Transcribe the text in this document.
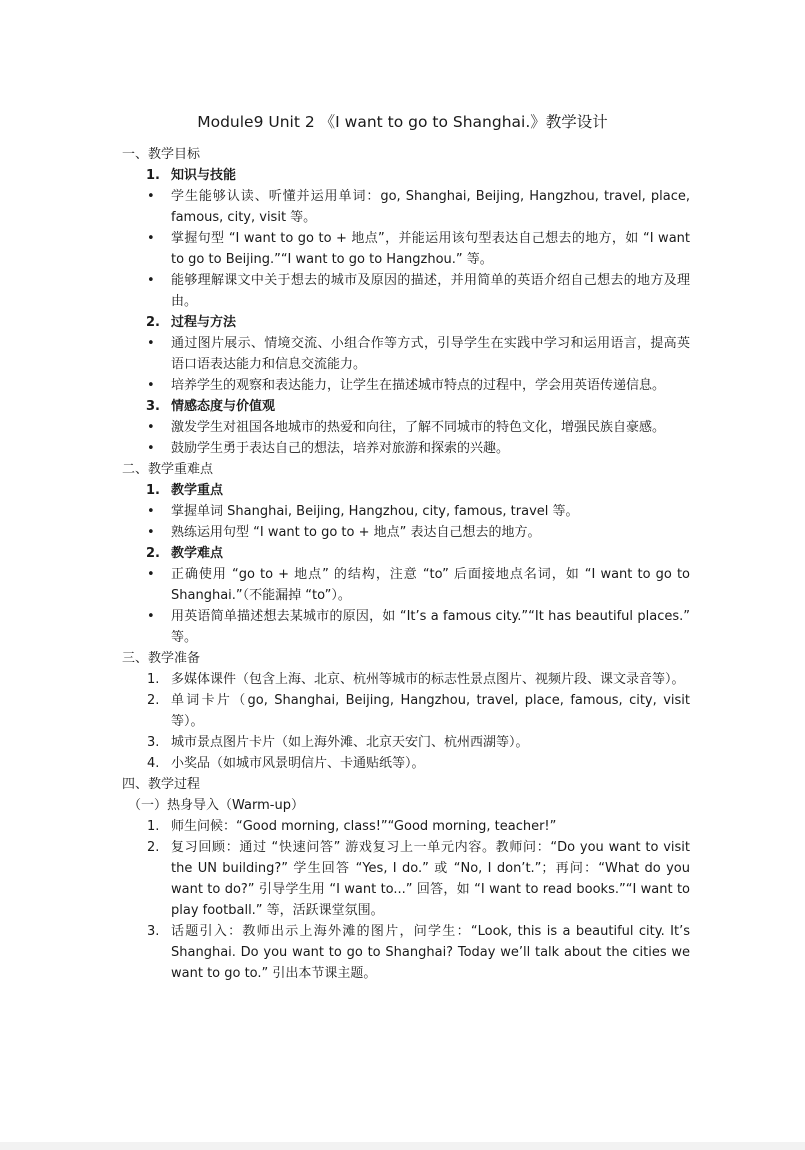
Module9 Unit 2 《I want to go to Shanghai.》教学设计

一、教学目标

1. 知识与技能

• 学生能够认读、听懂并运用单词：go, Shanghai, Beijing, Hangzhou, travel, place, famous, city, visit 等。

• 掌握句型 “I want to go to + 地点”，并能运用该句型表达自己想去的地方，如 “I want to go to Beijing.”“I want to go to Hangzhou.” 等。

• 能够理解课文中关于想去的城市及原因的描述，并用简单的英语介绍自己想去的地方及理由。

2. 过程与方法

• 通过图片展示、情境交流、小组合作等方式，引导学生在实践中学习和运用语言，提高英语口语表达能力和信息交流能力。

• 培养学生的观察和表达能力，让学生在描述城市特点的过程中，学会用英语传递信息。

3. 情感态度与价值观

• 激发学生对祖国各地城市的热爱和向往，了解不同城市的特色文化，增强民族自豪感。

• 鼓励学生勇于表达自己的想法，培养对旅游和探索的兴趣。

二、教学重难点

1. 教学重点

• 掌握单词 Shanghai, Beijing, Hangzhou, city, famous, travel 等。

• 熟练运用句型 “I want to go to + 地点” 表达自己想去的地方。

2. 教学难点

• 正确使用 “go to + 地点” 的结构，注意 “to” 后面接地点名词，如 “I want to go to Shanghai.”（不能漏掉 “to”）。

• 用英语简单描述想去某城市的原因，如 “It’s a famous city.”“It has beautiful places.” 等。

三、教学准备

1. 多媒体课件（包含上海、北京、杭州等城市的标志性景点图片、视频片段、课文录音等）。

2. 单词卡片（go, Shanghai, Beijing, Hangzhou, travel, place, famous, city, visit 等）。

3. 城市景点图片卡片（如上海外滩、北京天安门、杭州西湖等）。

4. 小奖品（如城市风景明信片、卡通贴纸等）。

四、教学过程

（一）热身导入（Warm-up）

1. 师生问候：“Good morning, class!”“Good morning, teacher!”

2. 复习回顾：通过 “快速问答” 游戏复习上一单元内容。教师问：“Do you want to visit the UN building?” 学生回答 “Yes, I do.” 或 “No, I don’t.”；再问：“What do you want to do?” 引导学生用 “I want to...” 回答，如 “I want to read books.”“I want to play football.” 等，活跃课堂氛围。

3. 话题引入：教师出示上海外滩的图片，问学生：“Look, this is a beautiful city. It’s Shanghai. Do you want to go to Shanghai? Today we’ll talk about the cities we want to go to.” 引出本节课主题。
